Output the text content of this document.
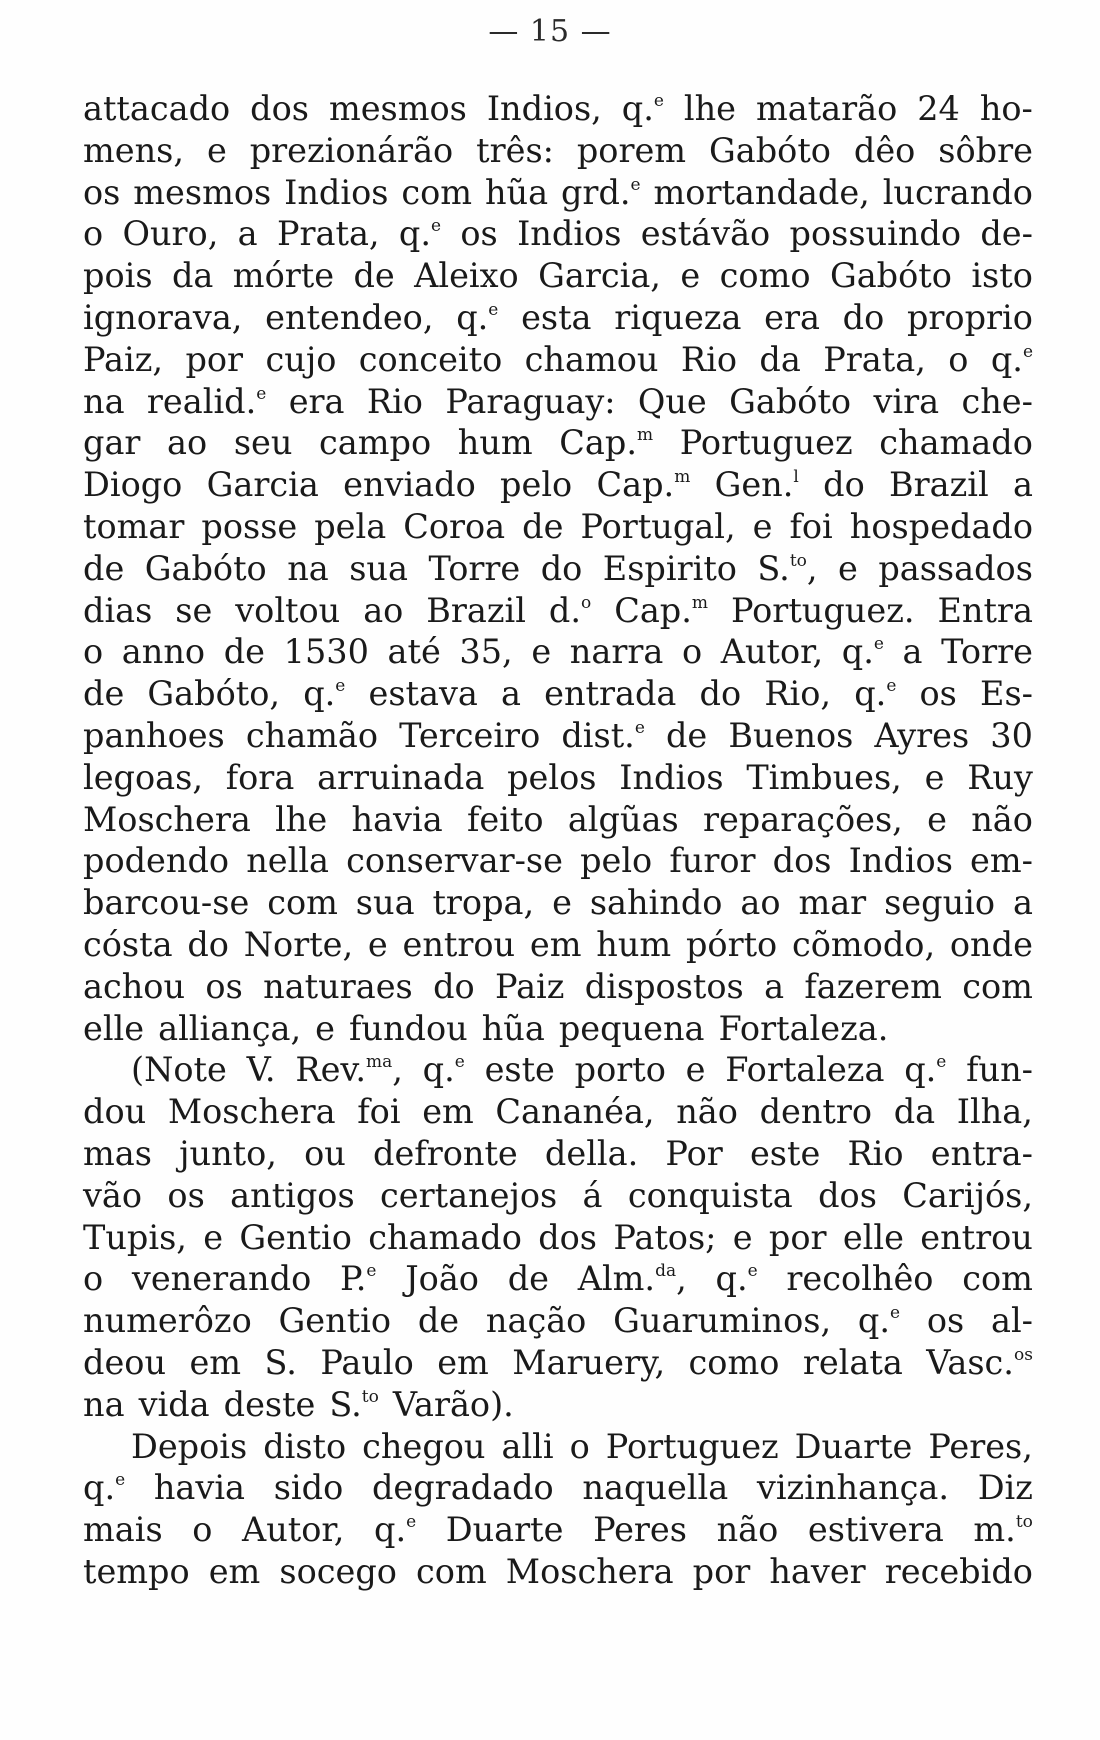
— 15 —
attacado dos mesmos Indios, q.$^e$ lhe matarão 24 ho-
mens, e prezionárão três: porem Gabóto dêo sôbre
os mesmos Indios com hũa grd.$^e$ mortandade, lucrando
o Ouro, a Prata, q.$^e$ os Indios estávão possuindo de-
pois da mórte de Aleixo Garcia, e como Gabóto isto
ignorava, entendeo, q.$^e$ esta riqueza era do proprio
Paiz, por cujo conceito chamou Rio da Prata, o q.$^e$
na realid.$^e$ era Rio Paraguay: Que Gabóto vira che-
gar ao seu campo hum Cap.$^m$ Portuguez chamado
Diogo Garcia enviado pelo Cap.$^m$ Gen.$^l$ do Brazil a
tomar posse pela Coroa de Portugal, e foi hospedado
de Gabóto na sua Torre do Espirito S.$^{to}$, e passados
dias se voltou ao Brazil d.$^o$ Cap.$^m$ Portuguez. Entra
o anno de 1530 até 35, e narra o Autor, q.$^e$ a Torre
de Gabóto, q.$^e$ estava a entrada do Rio, q.$^e$ os Es-
panhoes chamão Terceiro dist.$^e$ de Buenos Ayres 30
legoas, fora arruinada pelos Indios Timbues, e Ruy
Moschera lhe havia feito algũas reparações, e não
podendo nella conservar-se pelo furor dos Indios em-
barcou-se com sua tropa, e sahindo ao mar seguio a
cósta do Norte, e entrou em hum pórto cõmodo, onde
achou os naturaes do Paiz dispostos a fazerem com
elle alliança, e fundou hũa pequena Fortaleza.
(Note V. Rev.$^{ma}$, q.$^e$ este porto e Fortaleza q.$^e$ fun-
dou Moschera foi em Cananéa, não dentro da Ilha,
mas junto, ou defronte della. Por este Rio entra-
vão os antigos certanejos á conquista dos Carijós,
Tupis, e Gentio chamado dos Patos; e por elle entrou
o venerando P.$^e$ João de Alm.$^{da}$, q.$^e$ recolhêo com
numerôzo Gentio de nação Guaruminos, q.$^e$ os al-
deou em S. Paulo em Maruery, como relata Vasc.$^{os}$
na vida deste S.$^{to}$ Varão).
Depois disto chegou alli o Portuguez Duarte Peres,
q.$^e$ havia sido degradado naquella vizinhança. Diz
mais o Autor, q.$^e$ Duarte Peres não estivera m.$^{to}$
tempo em socego com Moschera por haver recebido
